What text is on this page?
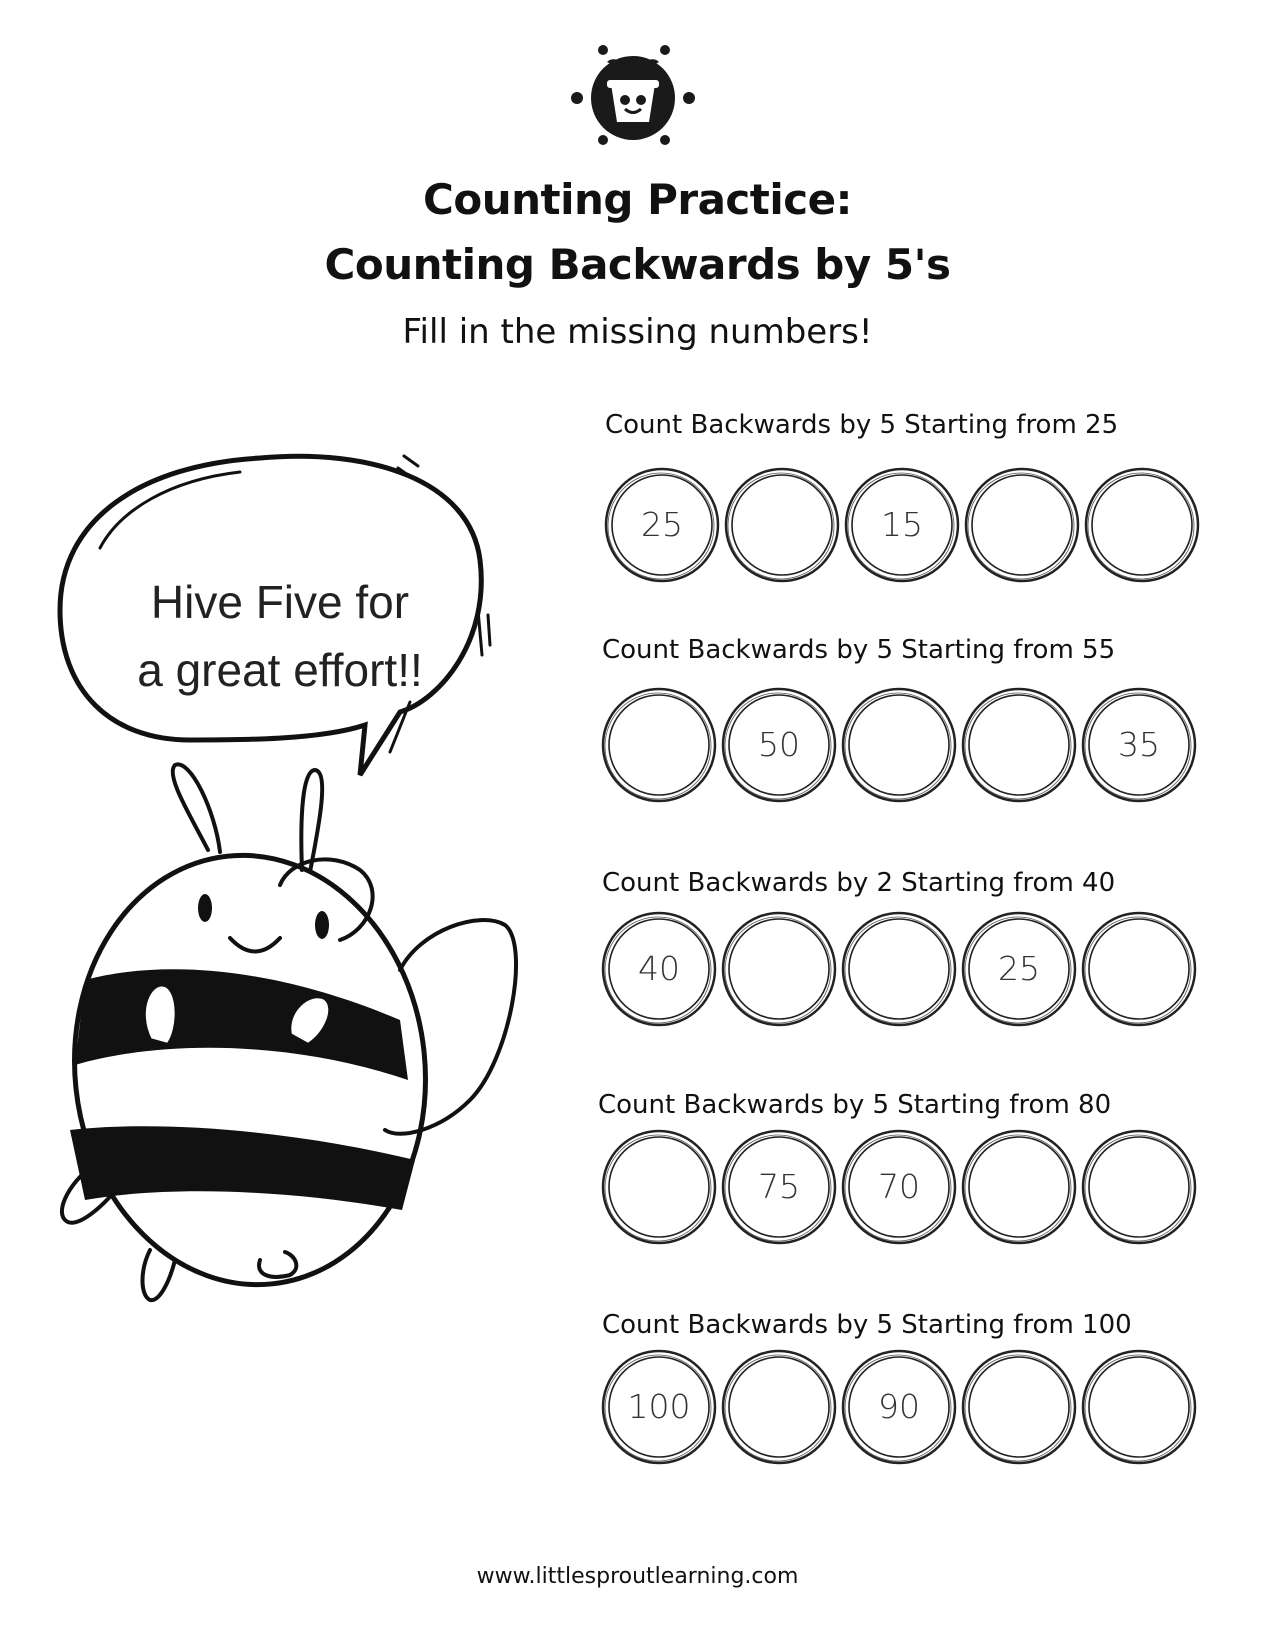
Counting Practice:
Counting Backwards by 5's
Fill in the missing numbers!
Hive Five for
a great effort!!
Count Backwards by 5 Starting from 25
25	15
Count Backwards by 5 Starting from 55
50	35
Count Backwards by 2 Starting from 40
40	25
Count Backwards by 5 Starting from 80
75	70
Count Backwards by 5 Starting from 100
100	90
www.littlesproutlearning.com
